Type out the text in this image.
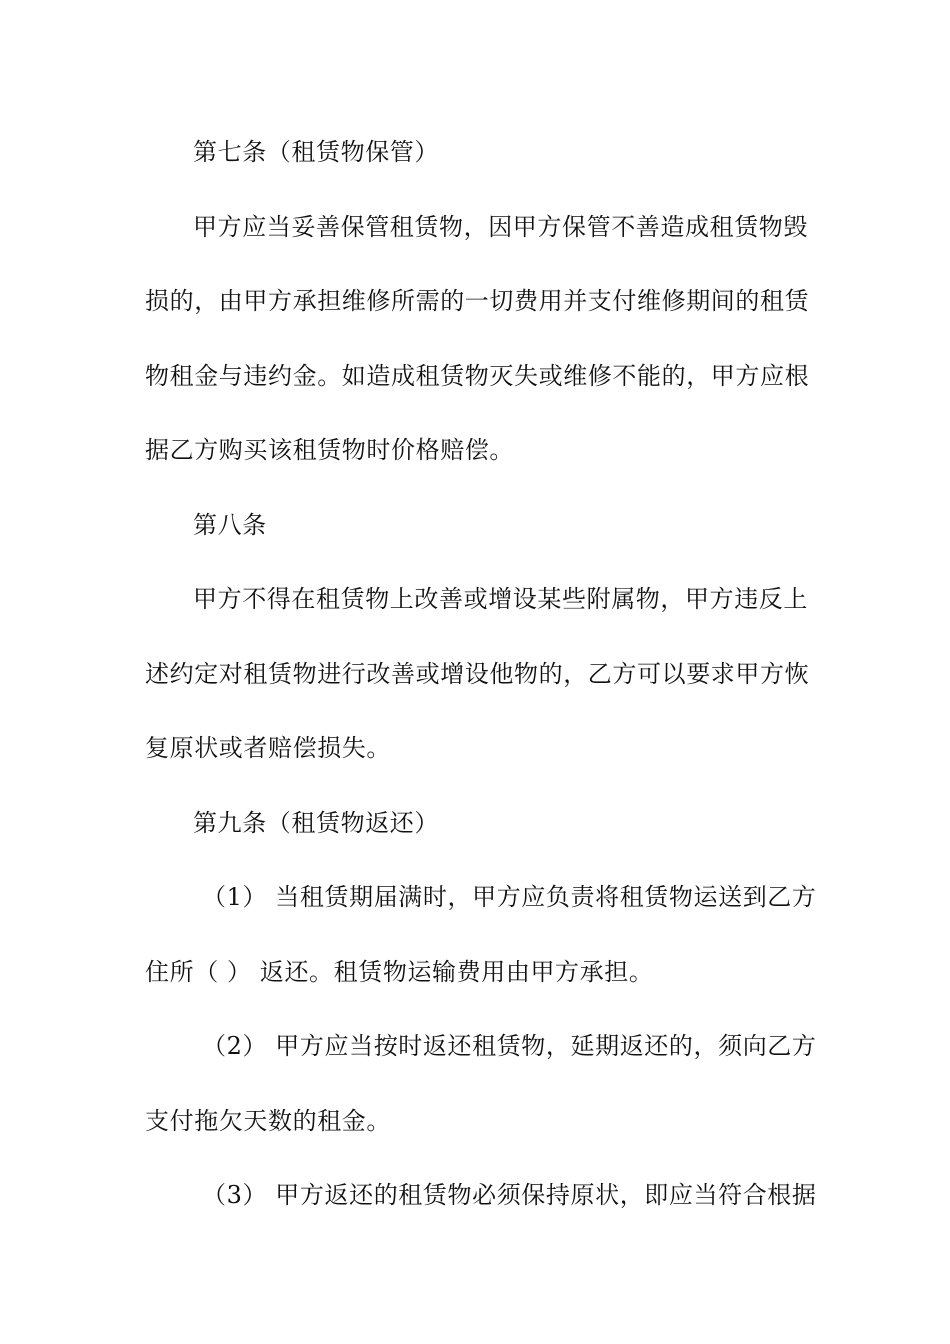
第七条（租赁物保管）
甲方应当妥善保管租赁物，因甲方保管不善造成租赁物毁
损的，由甲方承担维修所需的一切费用并支付维修期间的租赁
物租金与违约金。如造成租赁物灭失或维修不能的，甲方应根
据乙方购买该租赁物时价格赔偿。
第八条
甲方不得在租赁物上改善或增设某些附属物，甲方违反上
述约定对租赁物进行改善或增设他物的，乙方可以要求甲方恢
复原状或者赔偿损失。
第九条（租赁物返还）
（1） 当租赁期届满时，甲方应负责将租赁物运送到乙方
住所（ ） 返还。租赁物运输费用由甲方承担。
（2） 甲方应当按时返还租赁物，延期返还的，须向乙方
支付拖欠天数的租金。
（3） 甲方返还的租赁物必须保持原状，即应当符合根据
